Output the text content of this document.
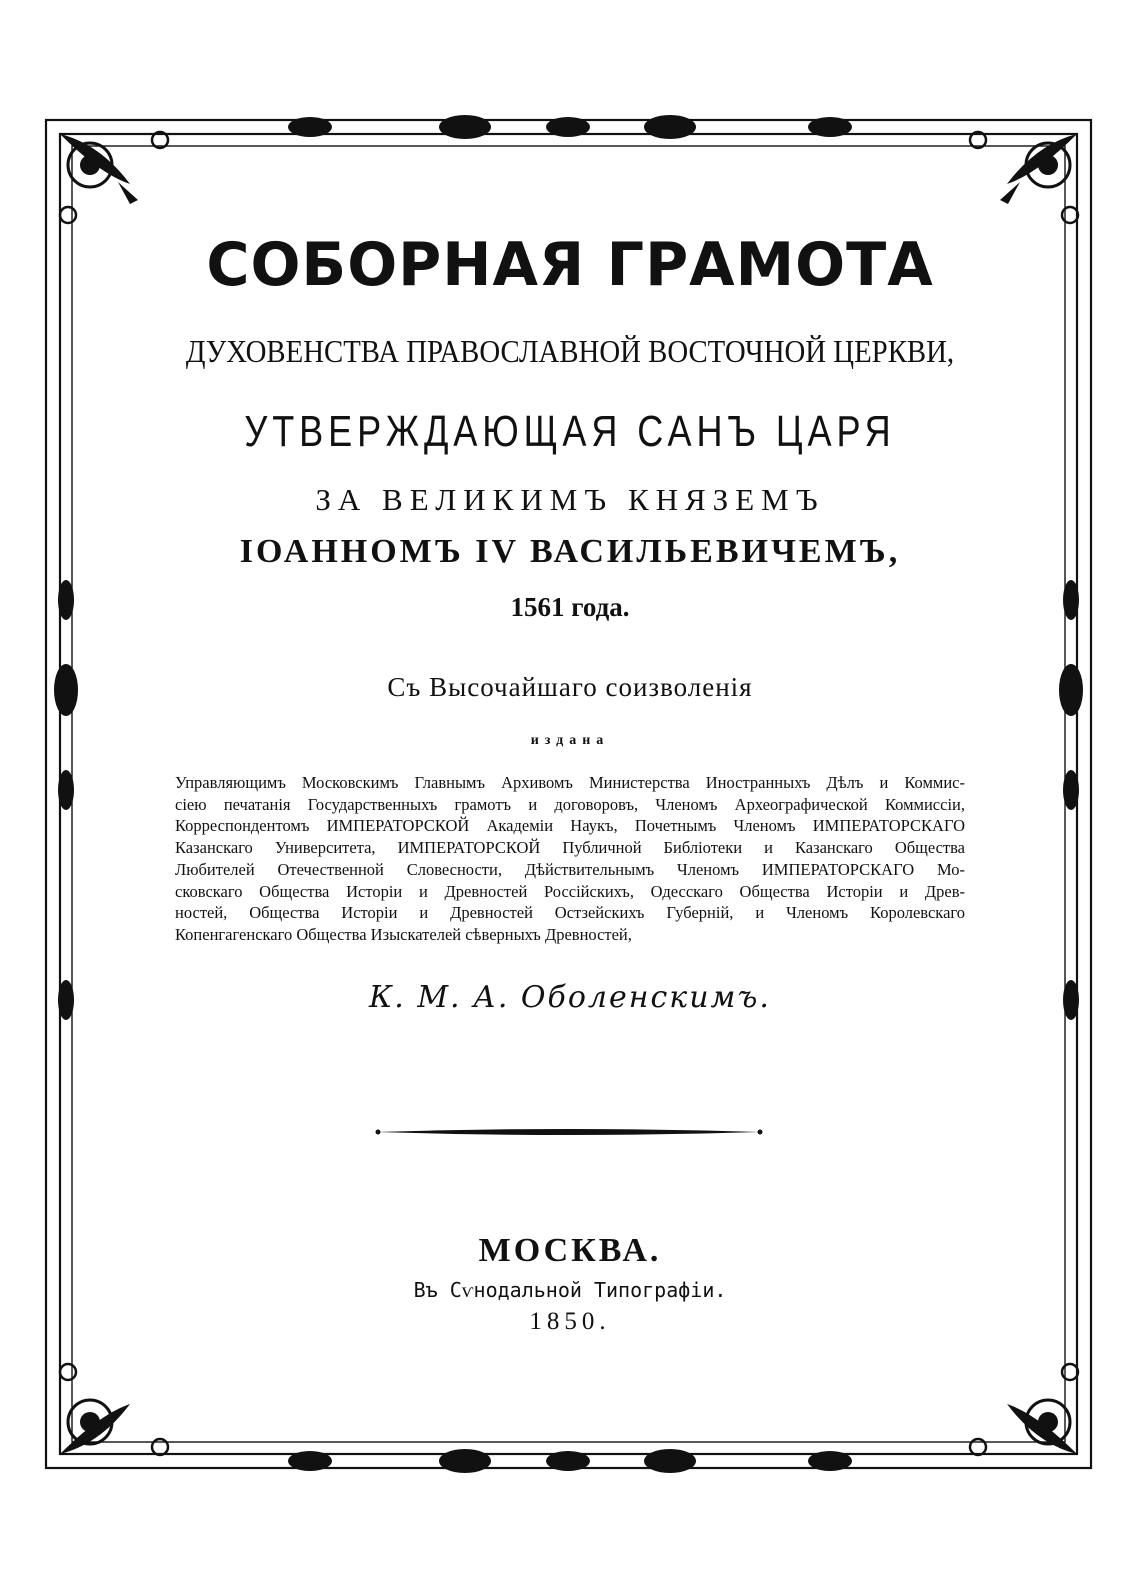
СОБОРНАЯ ГРАМОТА
ДУХОВЕНСТВА ПРАВОСЛАВНОЙ ВОСТОЧНОЙ ЦЕРКВИ,
УТВЕРЖДАЮЩАЯ САНЪ ЦАРЯ
ЗА ВЕЛИКИМЪ КНЯЗЕМЪ
ІОАННОМЪ IV ВАСИЛЬЕВИЧЕМЪ,
1561 года.
Съ Высочайшаго соизволенія
издана
Управляющимъ Московскимъ Главнымъ Архивомъ Министерства Иностранныхъ Дѣлъ и Коммис-
сіею печатанія Государственныхъ грамотъ и договоровъ, Членомъ Археографической Коммиссіи,
Корреспондентомъ ИМПЕРАТОРСКОЙ Академіи Наукъ, Почетнымъ Членомъ ИМПЕРАТОРСКАГО
Казанскаго Университета, ИМПЕРАТОРСКОЙ Публичной Библіотеки и Казанскаго Общества
Любителей Отечественной Словесности, Дѣйствительнымъ Членомъ ИМПЕРАТОРСКАГО Мо-
сковскаго Общества Исторіи и Древностей Россійскихъ, Одесскаго Общества Исторіи и Древ-
ностей, Общества Исторіи и Древностей Остзейскихъ Губерній, и Членомъ Королевскаго
Копенгагенскаго Общества Изыскателей сѣверныхъ Древностей,
К. М. А. Оболенскимъ.
МОСКВА.
Въ Сѵнодальной Типографіи.
1850.
